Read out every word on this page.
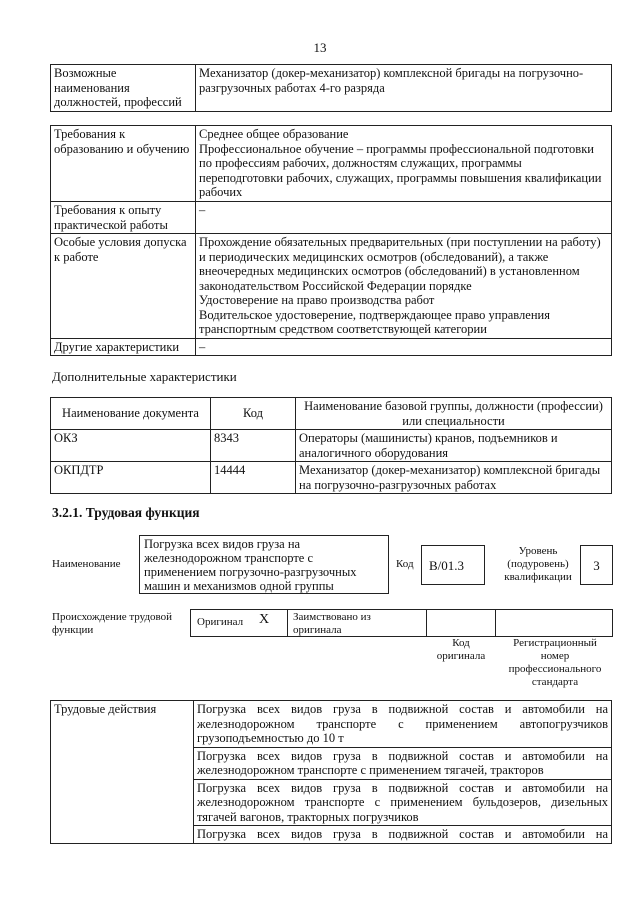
13
Возможные наименования должностей, профессий	Механизатор (докер-механизатор) комплексной бригады на погрузочно-разгрузочных работах 4-го разряда
Требования к образованию и обучению	Среднее общее образование
Профессиональное обучение – программы профессиональной подготовки по профессиям рабочих, должностям служащих, программы переподготовки рабочих, служащих, программы повышения квалификации рабочих

Требования к опыту практической работы	–
Особые условия допуска к работе	Прохождение обязательных предварительных (при поступлении на работу) и периодических медицинских осмотров (обследований), а также внеочередных медицинских осмотров (обследований) в установленном законодательством Российской Федерации порядке
Удостоверение на право производства работ
Водительское удостоверение, подтверждающее право управления транспортным средством соответствующей категории

Другие характеристики	–
Дополнительные характеристики
Наименование документа	Код	Наименование базовой группы, должности (профессии) или специальности
ОКЗ	8343	Операторы (машинисты) кранов, подъемников и аналогичного оборудования
ОКПДТР	14444	Механизатор (докер-механизатор) комплексной бригады на погрузочно-разгрузочных работах
3.2.1. Трудовая функция
Наименование
Погрузка всех видов груза на железнодорожном транспорте с применением погрузочно-разгрузочных машин и механизмов одной группы
Код	В/01.3
Уровень (подуровень) квалификации
3
Происхождение трудовой функции
Оригинал X Заимствовано из оригинала
Код оригинала
Регистрационный номер профессионального стандарта
Трудовые действия	Погрузка всех видов груза в подвижной состав и автомобили на железнодорожном транспорте с применением автопогрузчиков грузоподъемностью до 10 т
Погрузка всех видов груза в подвижной состав и автомобили на железнодорожном транспорте с применением тягачей, тракторов
Погрузка всех видов груза в подвижной состав и автомобили на железнодорожном транспорте с применением бульдозеров, дизельных тягачей вагонов, тракторных погрузчиков
Погрузка всех видов груза в подвижной состав и автомобили на
